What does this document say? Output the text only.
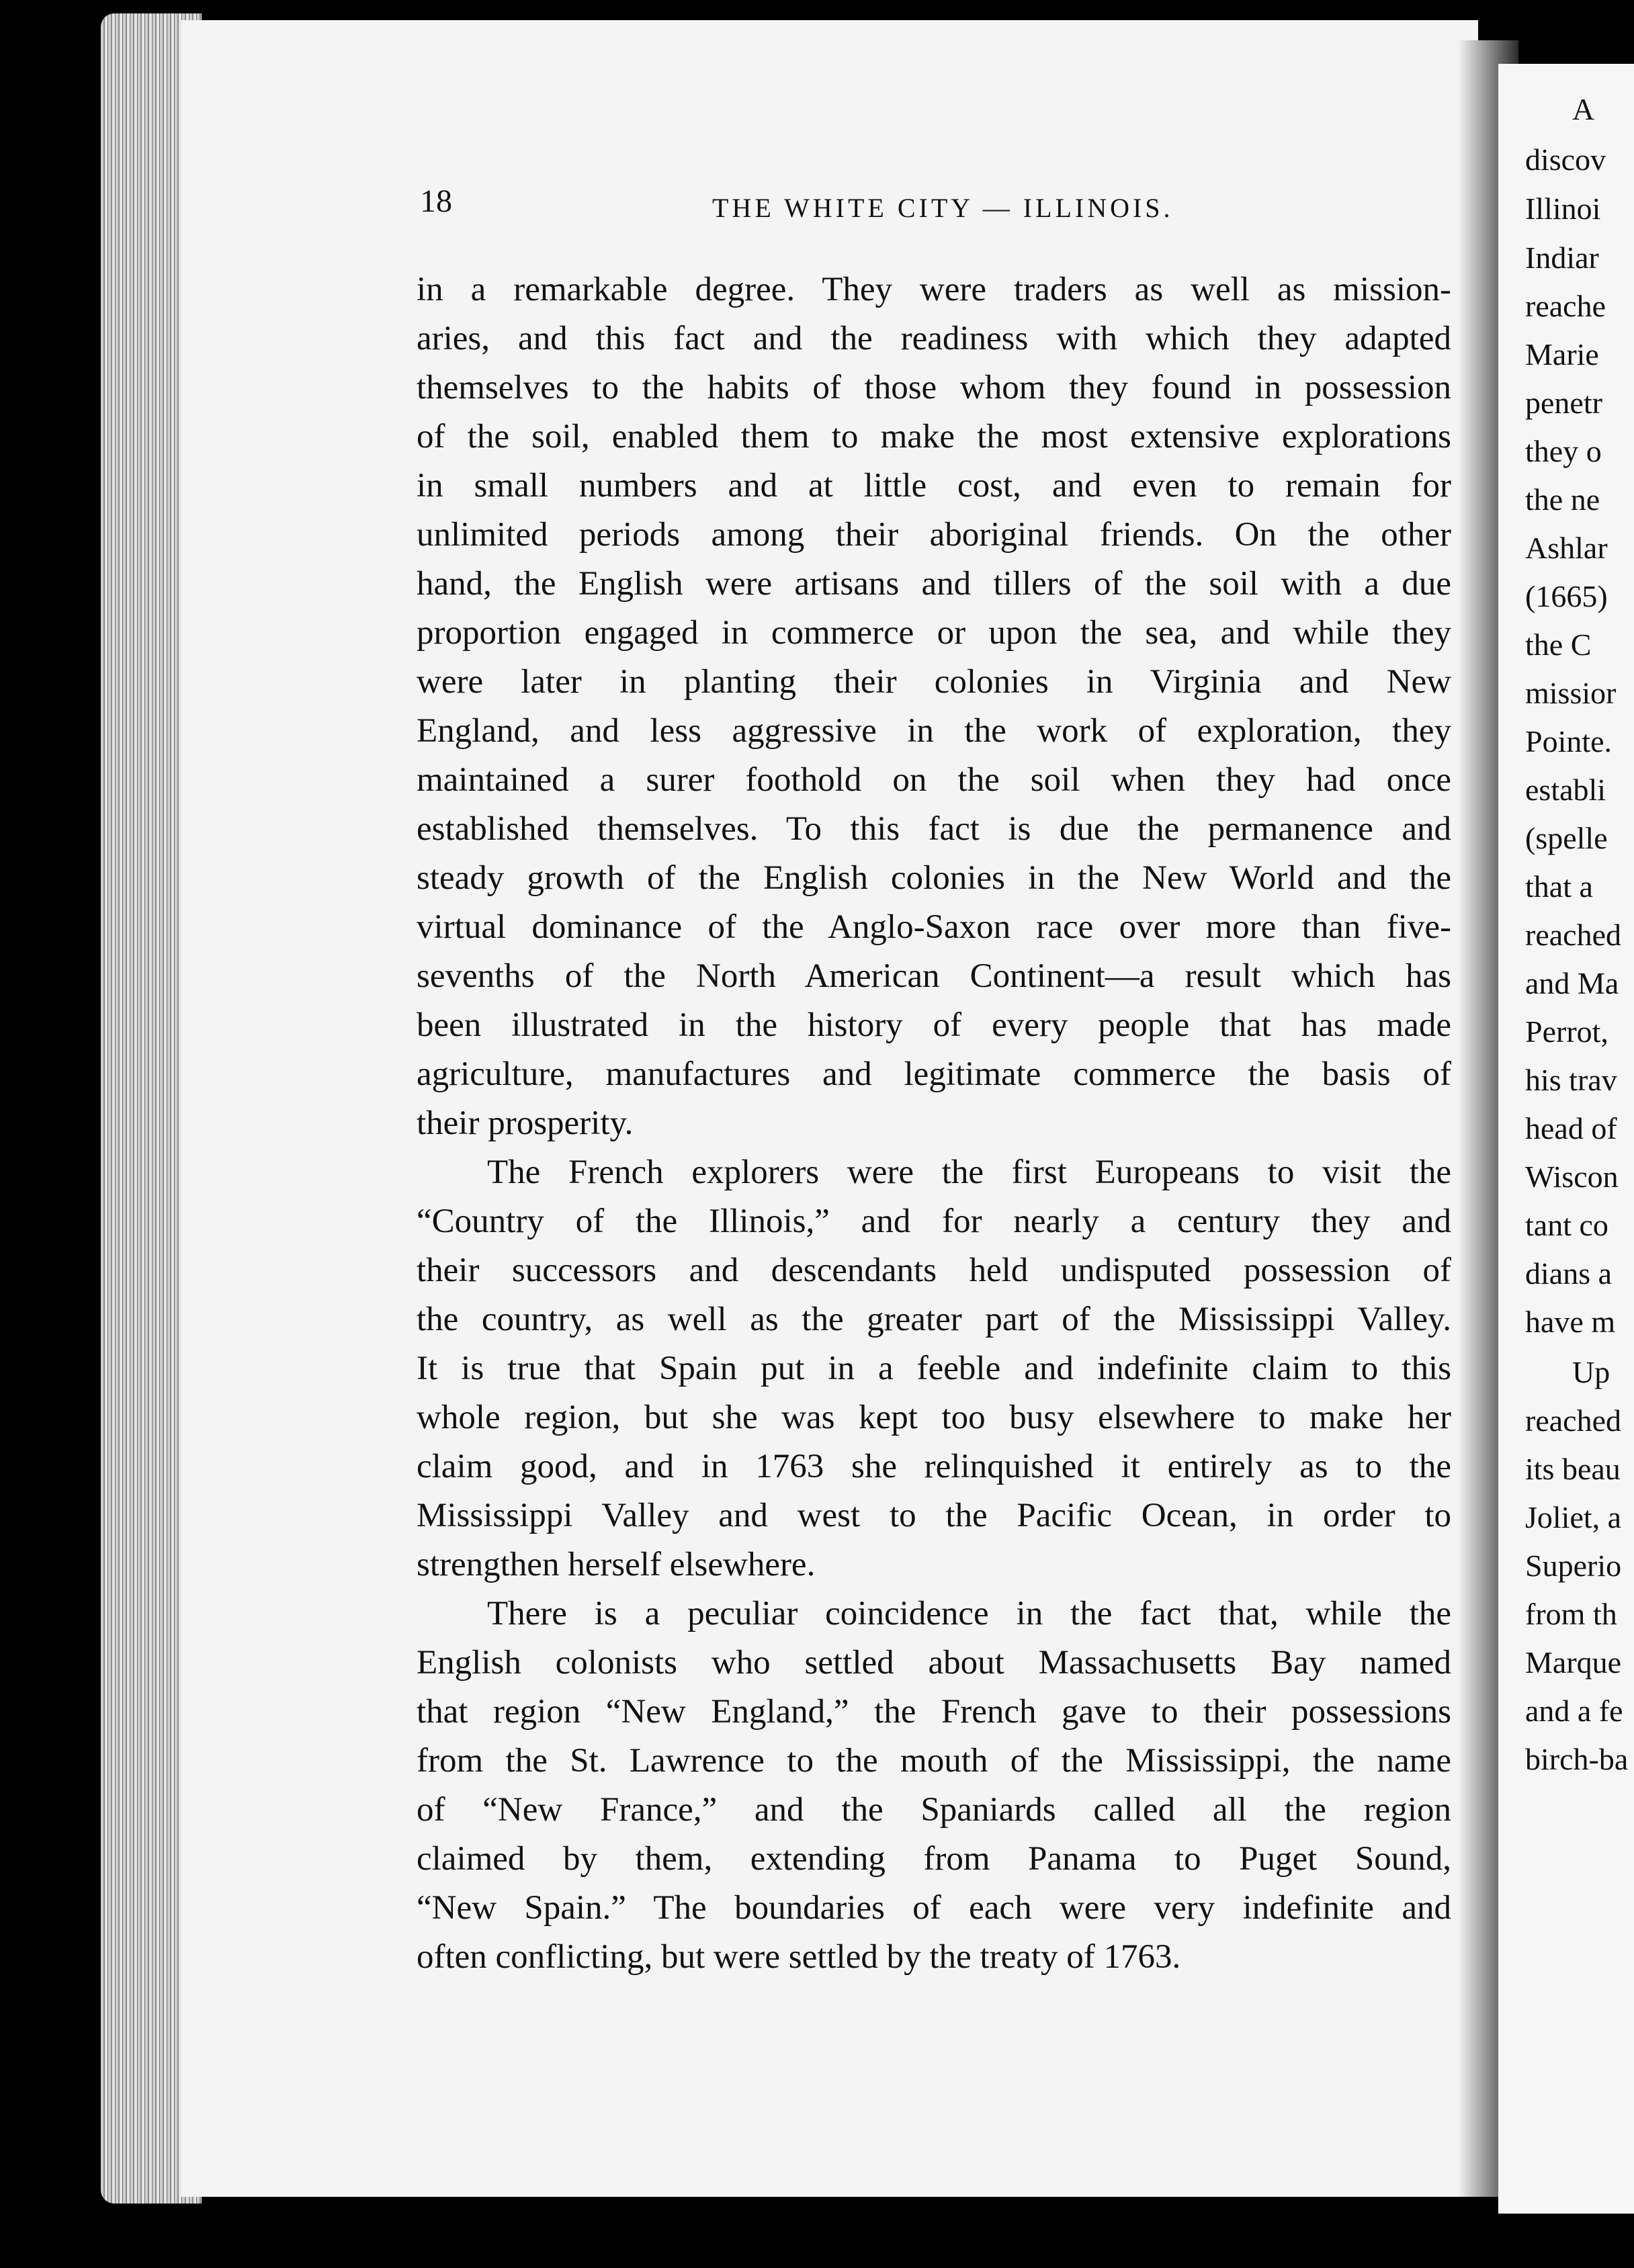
A
discov
Illinoi
Indiar
reache
Marie
penetr
they o
the ne
Ashlar
(1665)
the C
missior
Pointe.
establi
(spelle
that a
reached
and Ma
Perrot,
his trav
head of
Wiscon
tant co
dians a
have m
Up
reached
its beau
Joliet, a
Superio
from th
Marque
and a fe
birch-ba
18	THE WHITE CITY — ILLINOIS.
in a remarkable degree. They were traders as well as mission-
aries, and this fact and the readiness with which they adapted
themselves to the habits of those whom they found in possession
of the soil, enabled them to make the most extensive explorations
in small numbers and at little cost, and even to remain for
unlimited periods among their aboriginal friends. On the other
hand, the English were artisans and tillers of the soil with a due
proportion engaged in commerce or upon the sea, and while they
were later in planting their colonies in Virginia and New
England, and less aggressive in the work of exploration, they
maintained a surer foothold on the soil when they had once
established themselves. To this fact is due the permanence and
steady growth of the English colonies in the New World and the
virtual dominance of the Anglo-Saxon race over more than five-
sevenths of the North American Continent—a result which has
been illustrated in the history of every people that has made
agriculture, manufactures and legitimate commerce the basis of
their prosperity.
The French explorers were the first Europeans to visit the
“Country of the Illinois,” and for nearly a century they and
their successors and descendants held undisputed possession of
the country, as well as the greater part of the Mississippi Valley.
It is true that Spain put in a feeble and indefinite claim to this
whole region, but she was kept too busy elsewhere to make her
claim good, and in 1763 she relinquished it entirely as to the
Mississippi Valley and west to the Pacific Ocean, in order to
strengthen herself elsewhere.
There is a peculiar coincidence in the fact that, while the
English colonists who settled about Massachusetts Bay named
that region “New England,” the French gave to their possessions
from the St. Lawrence to the mouth of the Mississippi, the name
of “New France,” and the Spaniards called all the region
claimed by them, extending from Panama to Puget Sound,
“New Spain.” The boundaries of each were very indefinite and
often conflicting, but were settled by the treaty of 1763.
